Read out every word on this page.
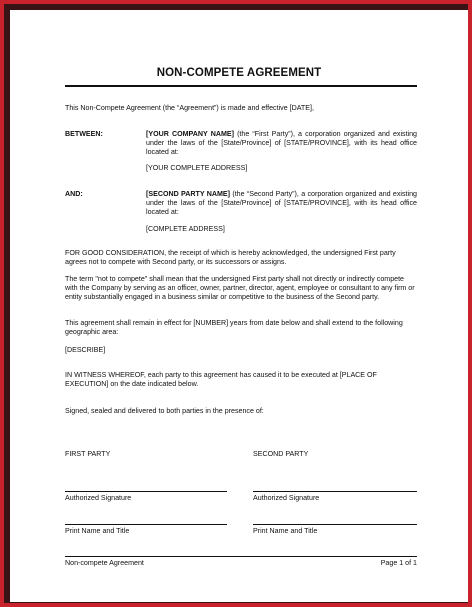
NON-COMPETE AGREEMENT
This Non-Compete Agreement (the “Agreement”) is made and effective [DATE],
BETWEEN:	[YOUR COMPANY NAME] (the “First Party”), a corporation organized and existing under the laws of the [State/Province] of [STATE/PROVINCE], with its head office located at:
[YOUR COMPLETE ADDRESS]
AND:	[SECOND PARTY NAME] (the “Second Party”), a corporation organized and existing under the laws of the [State/Province] of [STATE/PROVINCE], with its head office located at:
[COMPLETE ADDRESS]
FOR GOOD CONSIDERATION, the receipt of which is hereby acknowledged, the undersigned First party agrees not to compete with Second party, or its successors or assigns.
The term "not to compete" shall mean that the undersigned First party shall not directly or indirectly compete with the Company by serving as an officer, owner, partner, director, agent, employee or consultant to any firm or entity substantially engaged in a business similar or competitive to the business of the Second party.
This agreement shall remain in effect for [NUMBER] years from date below and shall extend to the following geographic area:
[DESCRIBE]
IN WITNESS WHEREOF, each party to this agreement has caused it to be executed at [PLACE OF EXECUTION] on the date indicated below.
Signed, sealed and delivered to both parties in the presence of:
FIRST PARTY	SECOND PARTY
Authorized Signature	Authorized Signature
Print Name and Title	Print Name and Title
Non-compete Agreement	Page 1 of 1
